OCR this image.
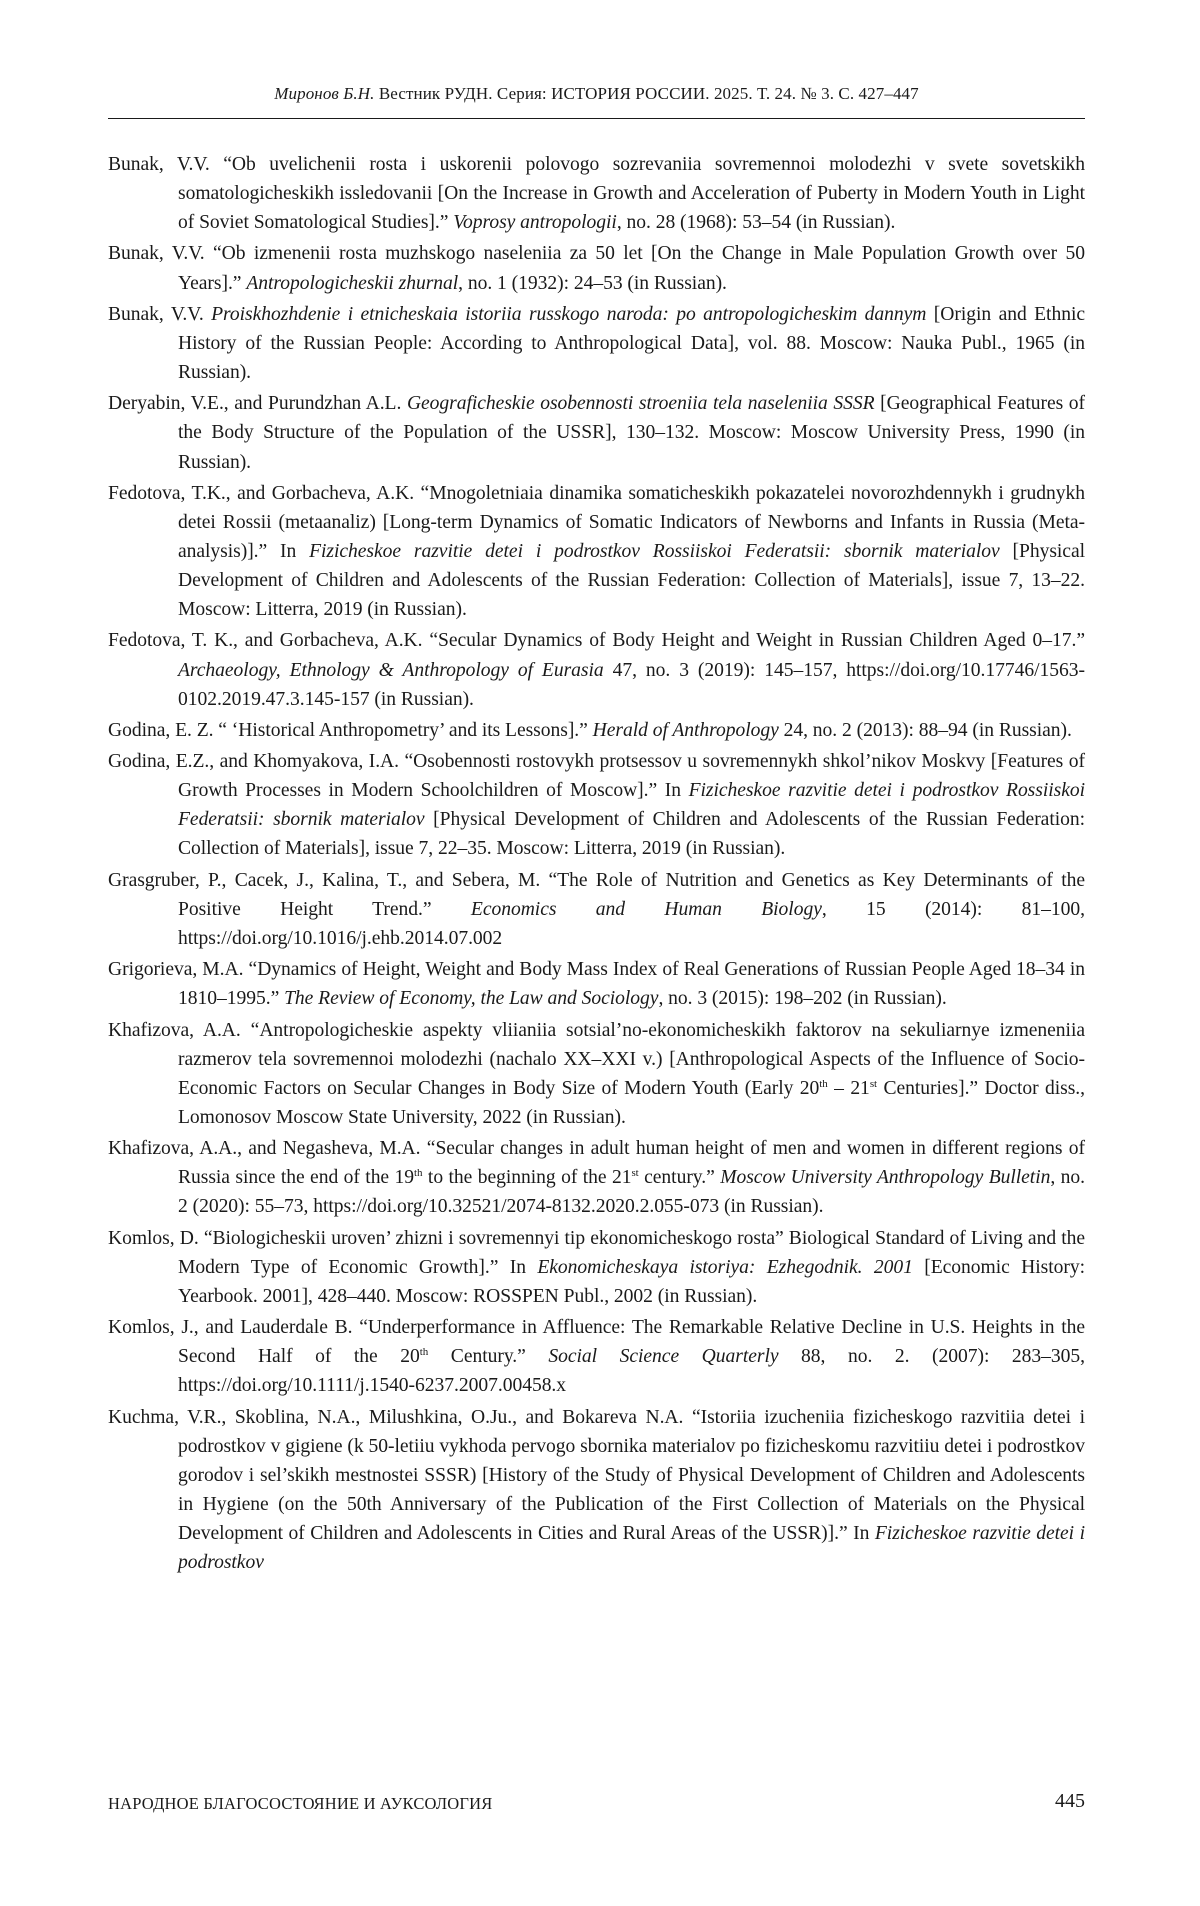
Миронов Б.Н. Вестник РУДН. Серия: ИСТОРИЯ РОССИИ. 2025. Т. 24. № 3. С. 427–447
Bunak, V.V. “Ob uvelichenii rosta i uskorenii polovogo sozrevaniia sovremennoi molodezhi v svete sovetskikh somatologicheskikh issledovanii [On the Increase in Growth and Acceleration of Puberty in Modern Youth in Light of Soviet Somatological Studies].” Voprosy antropologii, no. 28 (1968): 53–54 (in Russian).
Bunak, V.V. “Ob izmenenii rosta muzhskogo naseleniia za 50 let [On the Change in Male Population Growth over 50 Years].” Antropologicheskii zhurnal, no. 1 (1932): 24–53 (in Russian).
Bunak, V.V. Proiskhozhdenie i etnicheskaia istoriia russkogo naroda: po antropologicheskim dannym [Origin and Ethnic History of the Russian People: According to Anthropological Data], vol. 88. Moscow: Nauka Publ., 1965 (in Russian).
Deryabin, V.E., and Purundzhan A.L. Geograficheskie osobennosti stroeniia tela naseleniia SSSR [Geographical Features of the Body Structure of the Population of the USSR], 130–132. Moscow: Moscow University Press, 1990 (in Russian).
Fedotova, T.K., and Gorbacheva, A.K. “Mnogoletniaia dinamika somaticheskikh pokazatelei novorozhdennykh i grudnykh detei Rossii (metaanaliz) [Long-term Dynamics of Somatic Indicators of Newborns and Infants in Russia (Meta-analysis)].” In Fizicheskoe razvitie detei i podrostkov Rossiiskoi Federatsii: sbornik materialov [Physical Development of Children and Adolescents of the Russian Federation: Collection of Materials], issue 7, 13–22. Moscow: Litterra, 2019 (in Russian).
Fedotova, T. K., and Gorbacheva, A.K. “Secular Dynamics of Body Height and Weight in Russian Children Aged 0–17.” Archaeology, Ethnology & Anthropology of Eurasia 47, no. 3 (2019): 145–157, https://doi.org/10.17746/1563-0102.2019.47.3.145-157 (in Russian).
Godina, E. Z. “ ‘Historical Anthropometry’ and its Lessons].” Herald of Anthropology 24, no. 2 (2013): 88–94 (in Russian).
Godina, E.Z., and Khomyakova, I.A. “Osobennosti rostovykh protsessov u sovremennykh shkol’nikov Moskvy [Features of Growth Processes in Modern Schoolchildren of Moscow].” In Fizicheskoe razvitie detei i podrostkov Rossiiskoi Federatsii: sbornik materialov [Physical Development of Children and Adolescents of the Russian Federation: Collection of Materials], issue 7, 22–35. Moscow: Litterra, 2019 (in Russian).
Grasgruber, P., Cacek, J., Kalina, T., and Sebera, M. “The Role of Nutrition and Genetics as Key Determinants of the Positive Height Trend.” Economics and Human Biology, 15 (2014): 81–100, https://doi.org/10.1016/j.ehb.2014.07.002
Grigorieva, M.A. “Dynamics of Height, Weight and Body Mass Index of Real Generations of Russian People Aged 18–34 in 1810–1995.” The Review of Economy, the Law and Sociology, no. 3 (2015): 198–202 (in Russian).
Khafizova, A.A. “Antropologicheskie aspekty vliianiia sotsial’no-ekonomicheskikh faktorov na sekuliarnye izmeneniia razmerov tela sovremennoi molodezhi (nachalo XX–XXI v.) [Anthropological Aspects of the Influence of Socio-Economic Factors on Secular Changes in Body Size of Modern Youth (Early 20th – 21st Centuries].” Doctor diss., Lomonosov Moscow State University, 2022 (in Russian).
Khafizova, A.A., and Negasheva, M.A. “Secular changes in adult human height of men and women in different regions of Russia since the end of the 19th to the beginning of the 21st century.” Moscow University Anthropology Bulletin, no. 2 (2020): 55–73, https://doi.org/10.32521/2074-8132.2020.2.055-073 (in Russian).
Komlos, D. “Biologicheskii uroven’ zhizni i sovremennyi tip ekonomicheskogo rosta” Biological Standard of Living and the Modern Type of Economic Growth].” In Ekonomicheskaya istoriya: Ezhegodnik. 2001 [Economic History: Yearbook. 2001], 428–440. Moscow: ROSSPEN Publ., 2002 (in Russian).
Komlos, J., and Lauderdale B. “Underperformance in Affluence: The Remarkable Relative Decline in U.S. Heights in the Second Half of the 20th Century.” Social Science Quarterly 88, no. 2. (2007): 283–305, https://doi.org/10.1111/j.1540-6237.2007.00458.x
Kuchma, V.R., Skoblina, N.A., Milushkina, O.Ju., and Bokareva N.A. “Istoriia izucheniia fizicheskogo razvitiia detei i podrostkov v gigiene (k 50-letiiu vykhoda pervogo sbornika materialov po fizicheskomu razvitiiu detei i podrostkov gorodov i sel’skikh mestnostei SSSR) [History of the Study of Physical Development of Children and Adolescents in Hygiene (on the 50th Anniversary of the Publication of the First Collection of Materials on the Physical Development of Children and Adolescents in Cities and Rural Areas of the USSR)].” In Fizicheskoe razvitie detei i podrostkov
НАРОДНОЕ БЛАГОСОСТОЯНИЕ И АУКСОЛОГИЯ	445
